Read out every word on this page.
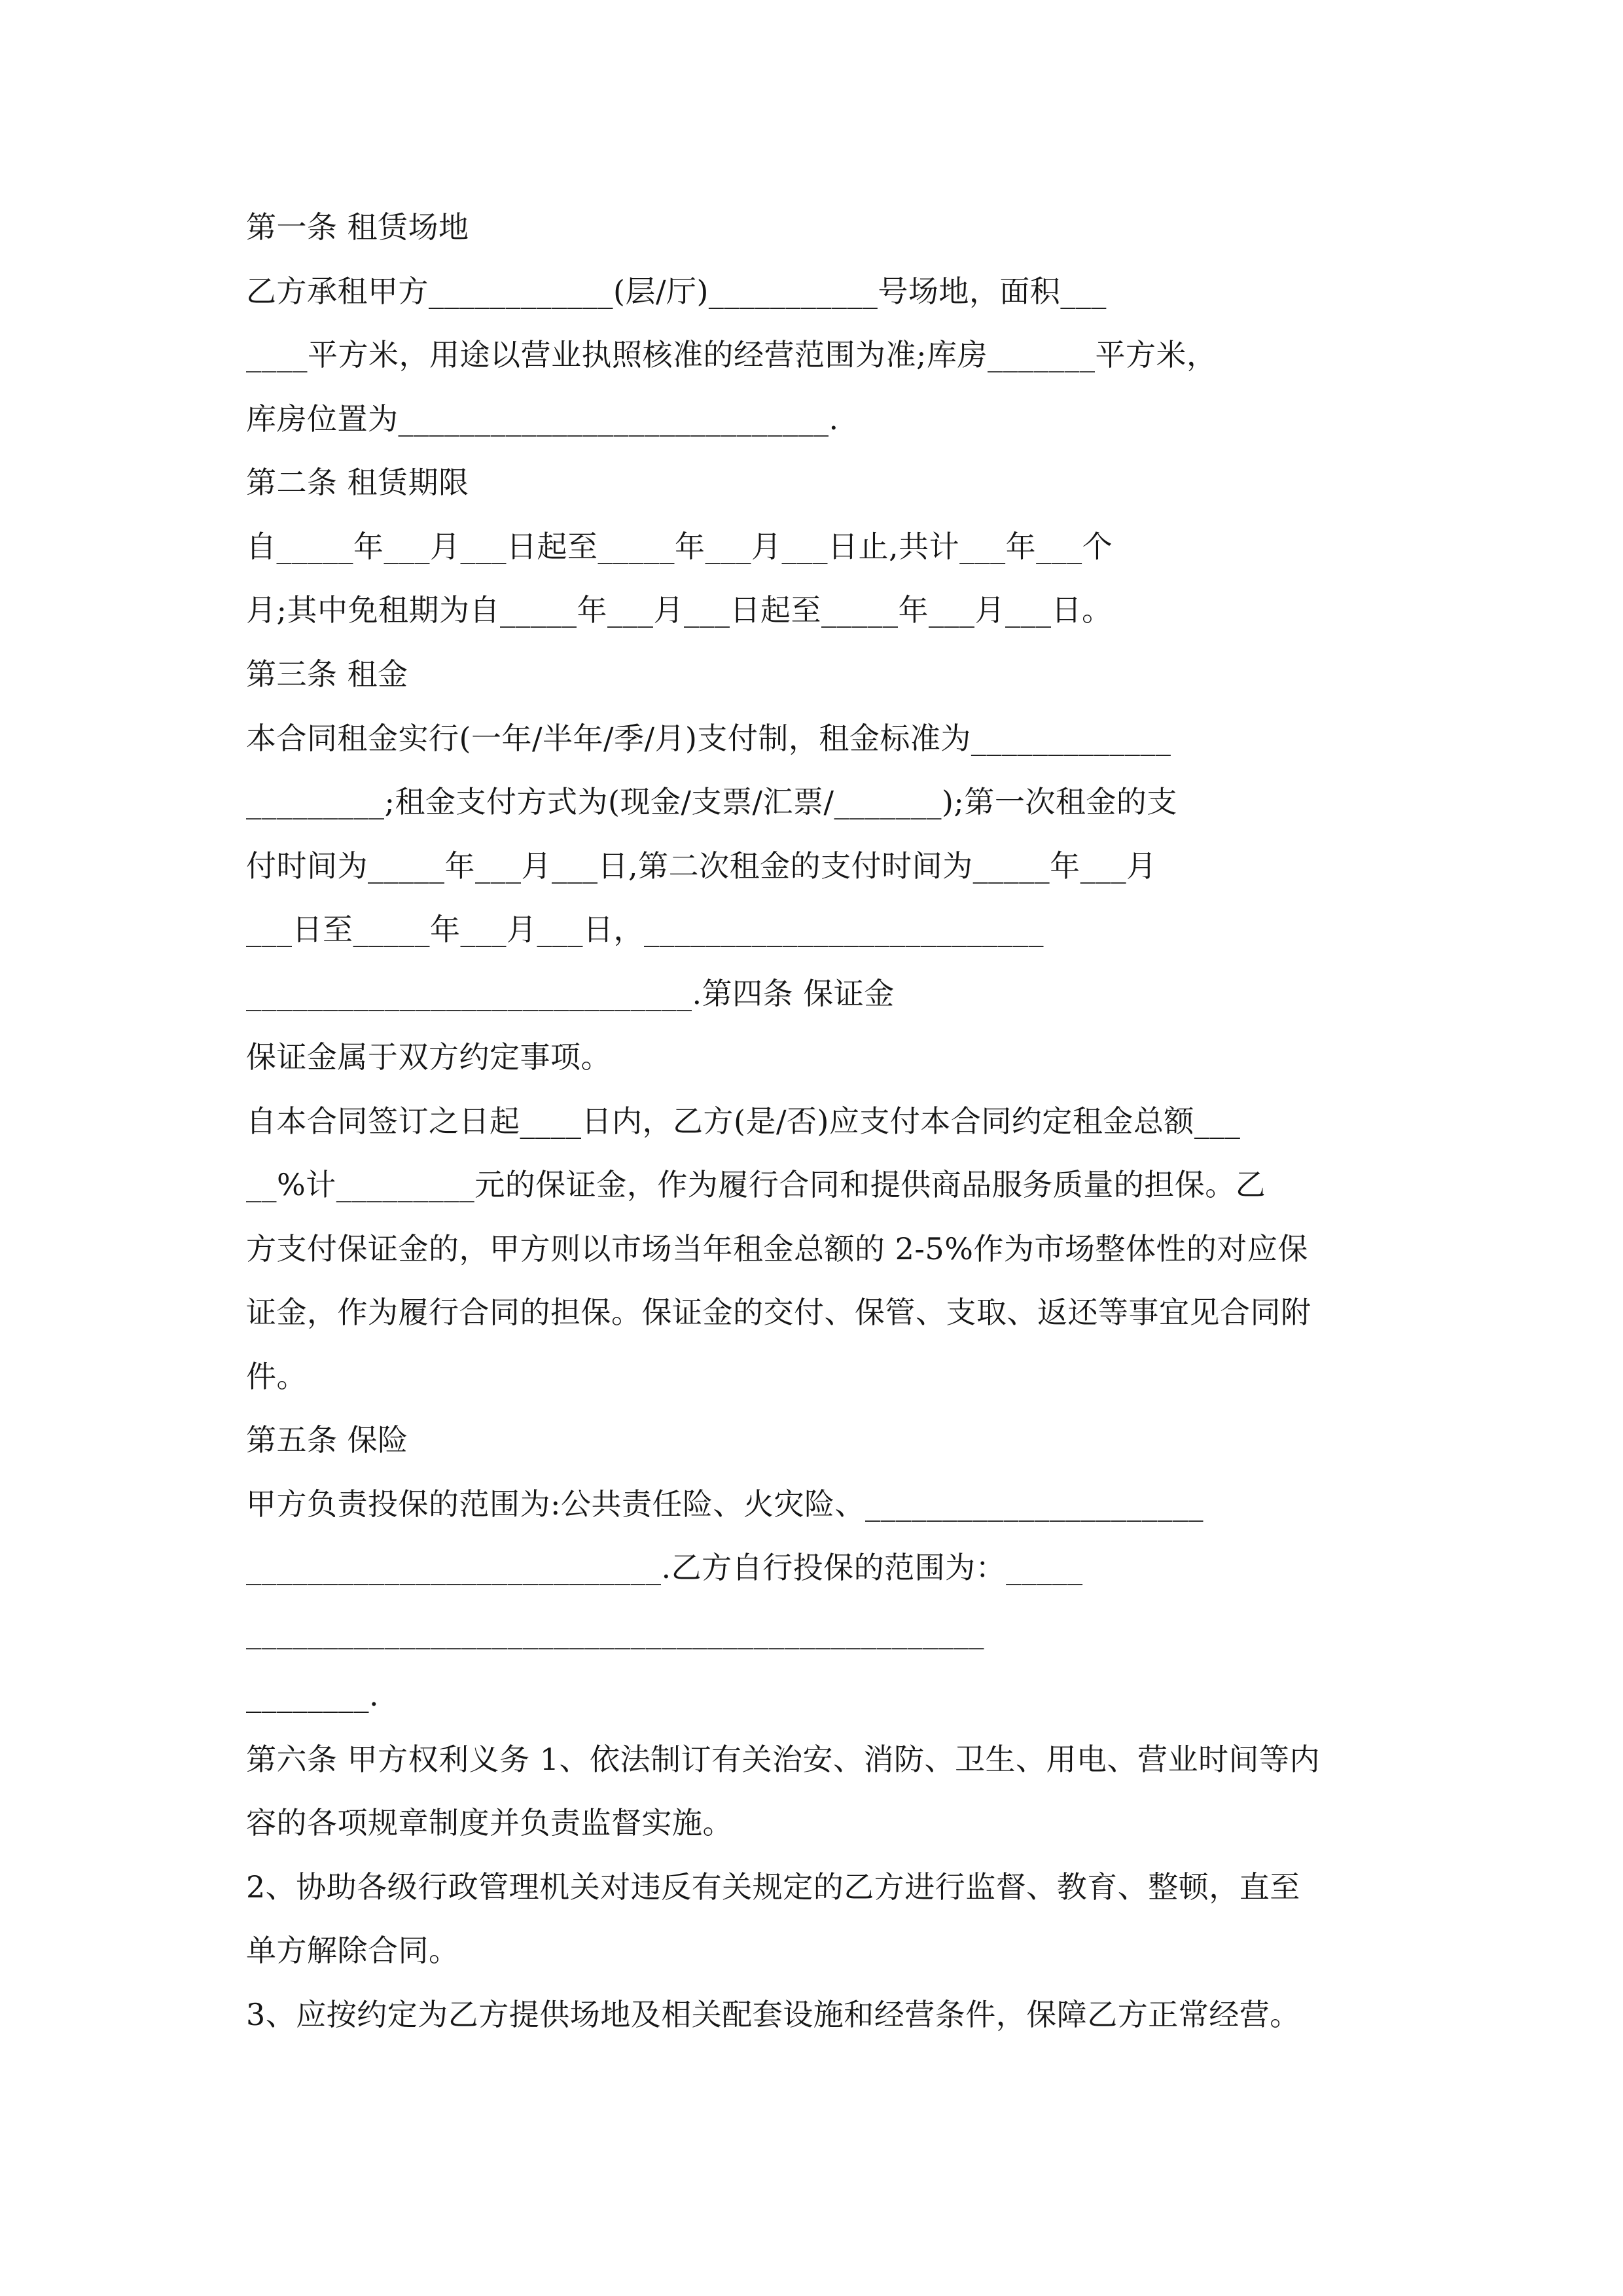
第一条 租赁场地

乙方承租甲方____________(层/厅)___________号场地，面积___

____平方米，用途以营业执照核准的经营范围为准;库房_______平方米，

库房位置为____________________________.

第二条 租赁期限

自_____年___月___日起至_____年___月___日止,共计___年___个

月;其中免租期为自_____年___月___日起至_____年___月___日。

第三条 租金

本合同租金实行(一年/半年/季/月)支付制，租金标准为_____________

_________;租金支付方式为(现金/支票/汇票/_______);第一次租金的支

付时间为_____年___月___日,第二次租金的支付时间为_____年___月

___日至_____年___月___日，__________________________

_____________________________.第四条 保证金

保证金属于双方约定事项。

自本合同签订之日起____日内，乙方(是/否)应支付本合同约定租金总额___

__%计_________元的保证金，作为履行合同和提供商品服务质量的担保。乙

方支付保证金的，甲方则以市场当年租金总额的 2-5%作为市场整体性的对应保

证金，作为履行合同的担保。保证金的交付、保管、支取、返还等事宜见合同附

件。

第五条 保险

甲方负责投保的范围为:公共责任险、火灾险、______________________

___________________________.乙方自行投保的范围为：_____

________________________________________________

________.

第六条 甲方权利义务 1、依法制订有关治安、消防、卫生、用电、营业时间等内

容的各项规章制度并负责监督实施。

2、协助各级行政管理机关对违反有关规定的乙方进行监督、教育、整顿，直至

单方解除合同。

3、应按约定为乙方提供场地及相关配套设施和经营条件，保障乙方正常经营。
